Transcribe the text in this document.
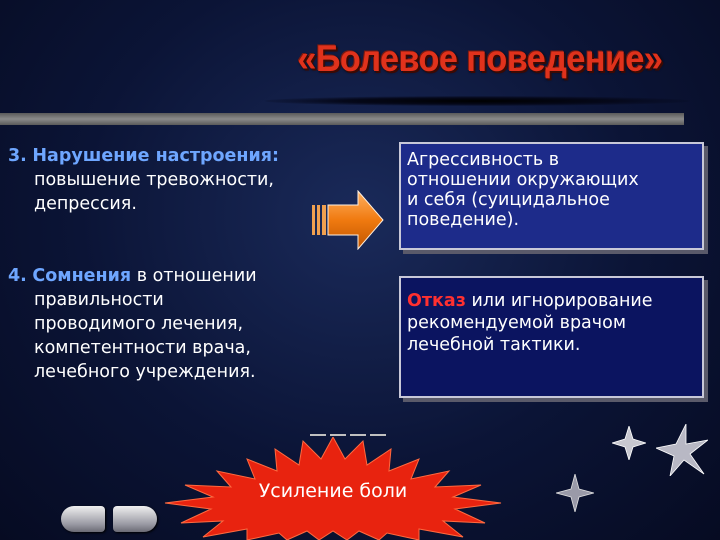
«Болевое поведение»
3. Нарушение настроения:
повышение тревожности,
депрессия.
4. Сомнения в отношении
правильности
проводимого лечения,
компетентности врача,
лечебного учреждения.
Агрессивность в
отношении окружающих
и себя (суицидальное
поведение).
Отказ или игнорирование
рекомендуемой врачом
лечебной тактики.
Усиление боли
